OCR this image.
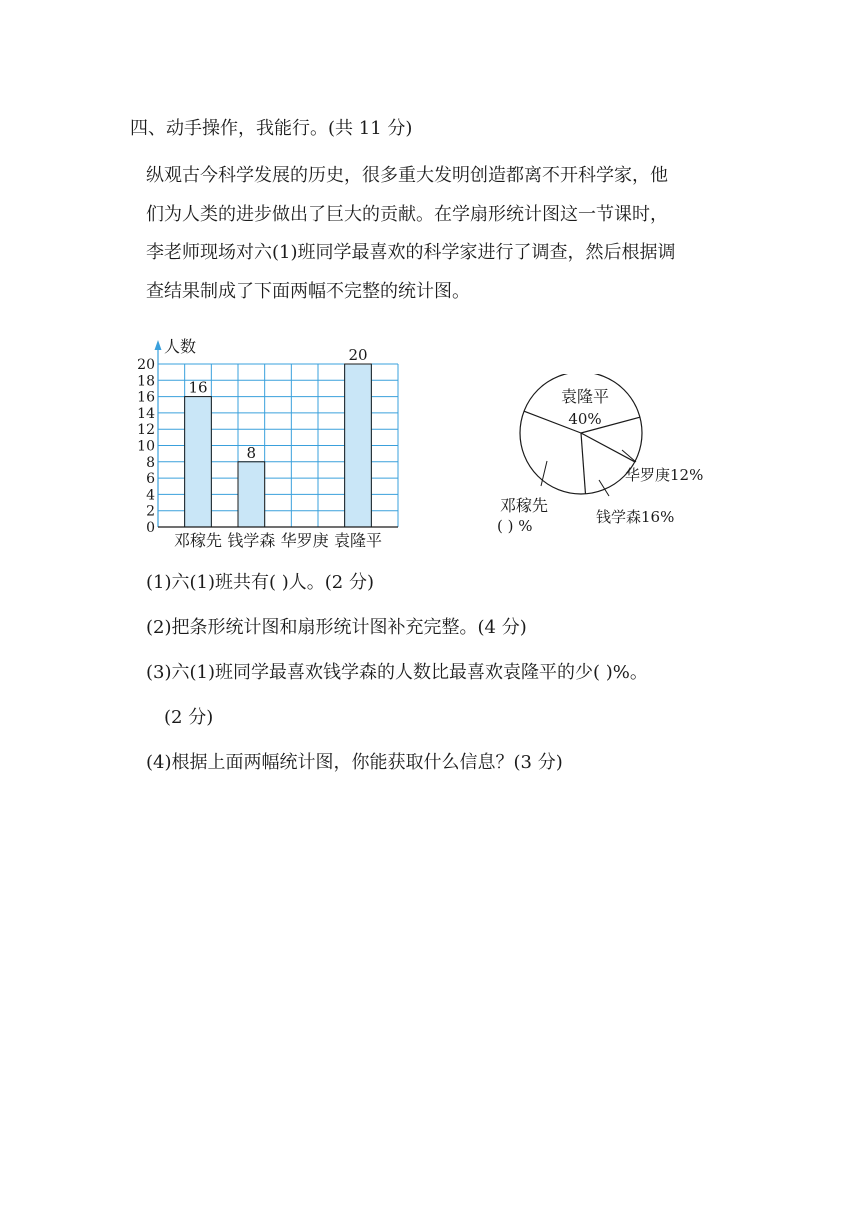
四、动手操作，我能行。(共 11 分)
纵观古今科学发展的历史，很多重大发明创造都离不开科学家，他
们为人类的进步做出了巨大的贡献。在学扇形统计图这一节课时，
李老师现场对六(1)班同学最喜欢的科学家进行了调查，然后根据调
查结果制成了下面两幅不完整的统计图。
16
邓稼先
8
钱学森 华罗庚
20
袁隆平
0
2
4
6
8
10
12
14
16
18
20
人数
袁隆平
40%
华罗庚12%
钱学森16%
邓稼先
( ) %
(1)六(1)班共有( )人。(2 分)
(2)把条形统计图和扇形统计图补充完整。(4 分)
(3)六(1)班同学最喜欢钱学森的人数比最喜欢袁隆平的少( )%。
(2 分)
(4)根据上面两幅统计图，你能获取什么信息？(3 分)
